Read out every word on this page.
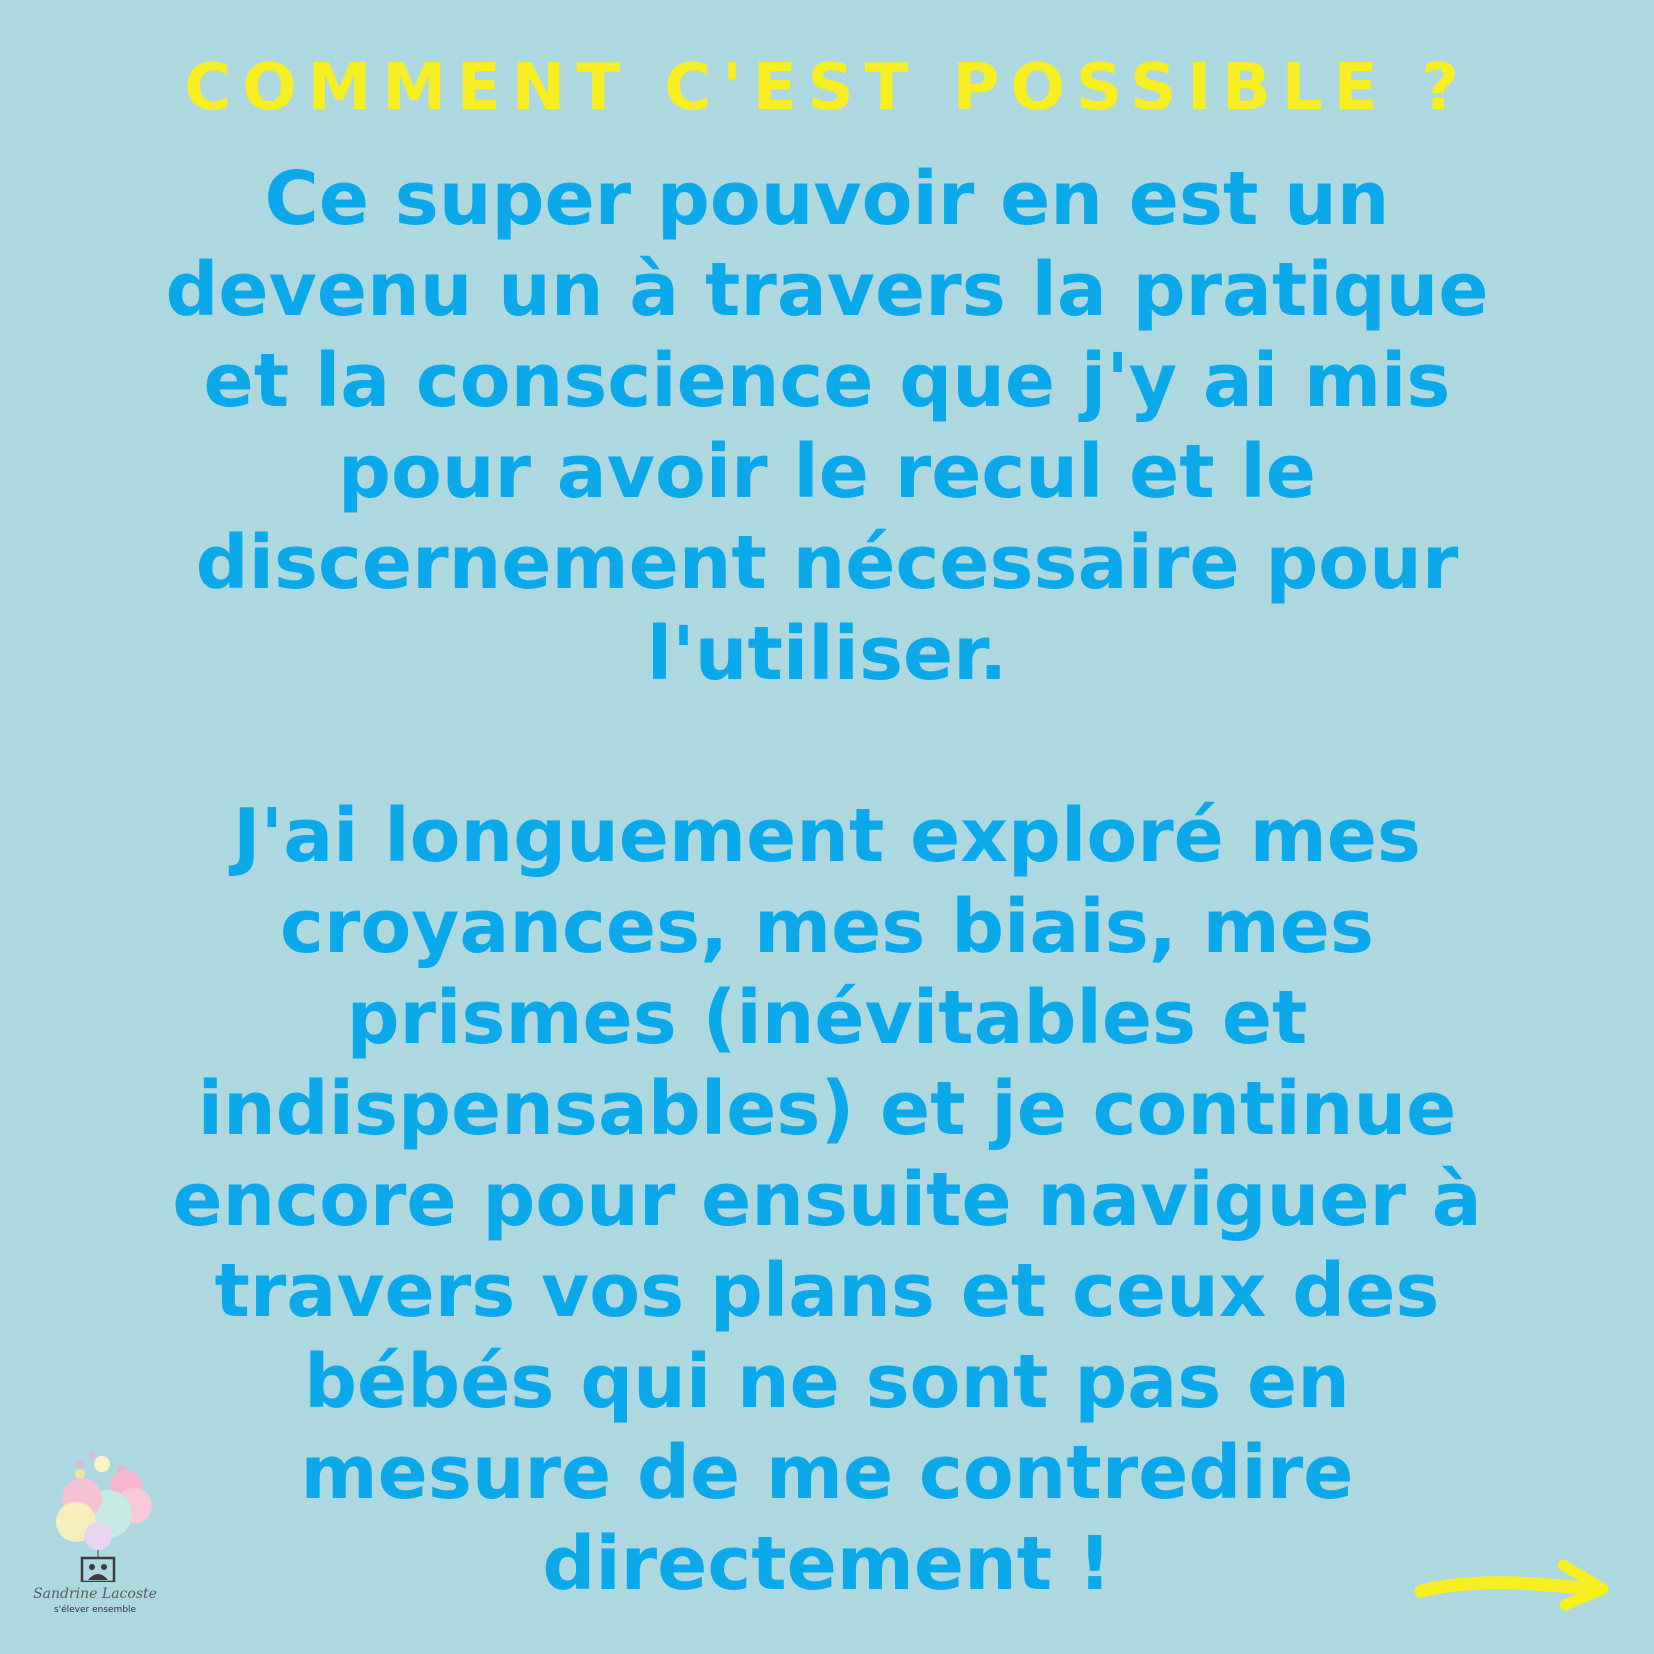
COMMENT C'EST POSSIBLE ?
Ce super pouvoir en est un
devenu un à travers la pratique
et la conscience que j'y ai mis
pour avoir le recul et le
discernement nécessaire pour
l'utiliser.
J'ai longuement exploré mes
croyances, mes biais, mes
prismes (inévitables et
indispensables) et je continue
encore pour ensuite naviguer à
travers vos plans et ceux des
bébés qui ne sont pas en
mesure de me contredire
directement !
Sandrine Lacoste
s'élever ensemble
